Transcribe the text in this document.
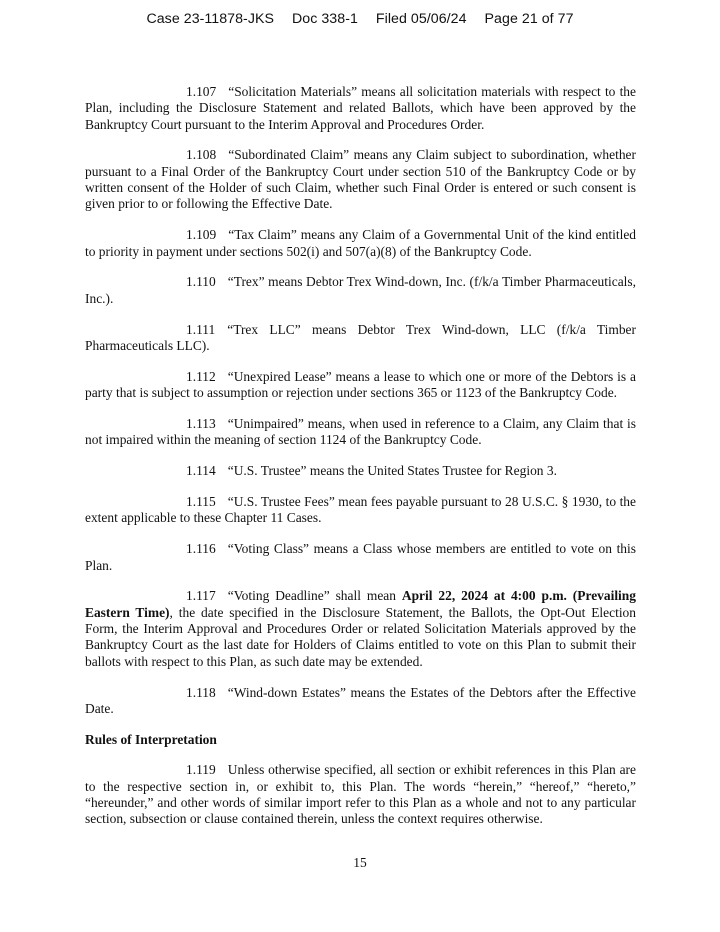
Case 23-11878-JKS Doc 338-1 Filed 05/06/24 Page 21 of 77

1.107 “Solicitation Materials” means all solicitation materials with respect to the Plan, including the Disclosure Statement and related Ballots, which have been approved by the Bankruptcy Court pursuant to the Interim Approval and Procedures Order.

1.108 “Subordinated Claim” means any Claim subject to subordination, whether pursuant to a Final Order of the Bankruptcy Court under section 510 of the Bankruptcy Code or by written consent of the Holder of such Claim, whether such Final Order is entered or such consent is given prior to or following the Effective Date.

1.109 “Tax Claim” means any Claim of a Governmental Unit of the kind entitled to priority in payment under sections 502(i) and 507(a)(8) of the Bankruptcy Code.

1.110 “Trex” means Debtor Trex Wind-down, Inc. (f/k/a Timber Pharmaceuticals, Inc.).

1.111 “Trex LLC” means Debtor Trex Wind-down, LLC (f/k/a Timber Pharmaceuticals LLC).

1.112 “Unexpired Lease” means a lease to which one or more of the Debtors is a party that is subject to assumption or rejection under sections 365 or 1123 of the Bankruptcy Code.

1.113 “Unimpaired” means, when used in reference to a Claim, any Claim that is not impaired within the meaning of section 1124 of the Bankruptcy Code.

1.114 “U.S. Trustee” means the United States Trustee for Region 3.

1.115 “U.S. Trustee Fees” mean fees payable pursuant to 28 U.S.C. § 1930, to the extent applicable to these Chapter 11 Cases.

1.116 “Voting Class” means a Class whose members are entitled to vote on this Plan.

1.117 “Voting Deadline” shall mean April 22, 2024 at 4:00 p.m. (Prevailing Eastern Time), the date specified in the Disclosure Statement, the Ballots, the Opt-Out Election Form, the Interim Approval and Procedures Order or related Solicitation Materials approved by the Bankruptcy Court as the last date for Holders of Claims entitled to vote on this Plan to submit their ballots with respect to this Plan, as such date may be extended.

1.118 “Wind-down Estates” means the Estates of the Debtors after the Effective Date.

Rules of Interpretation

1.119 Unless otherwise specified, all section or exhibit references in this Plan are to the respective section in, or exhibit to, this Plan. The words “herein,” “hereof,” “hereto,” “hereunder,” and other words of similar import refer to this Plan as a whole and not to any particular section, subsection or clause contained therein, unless the context requires otherwise.

15
